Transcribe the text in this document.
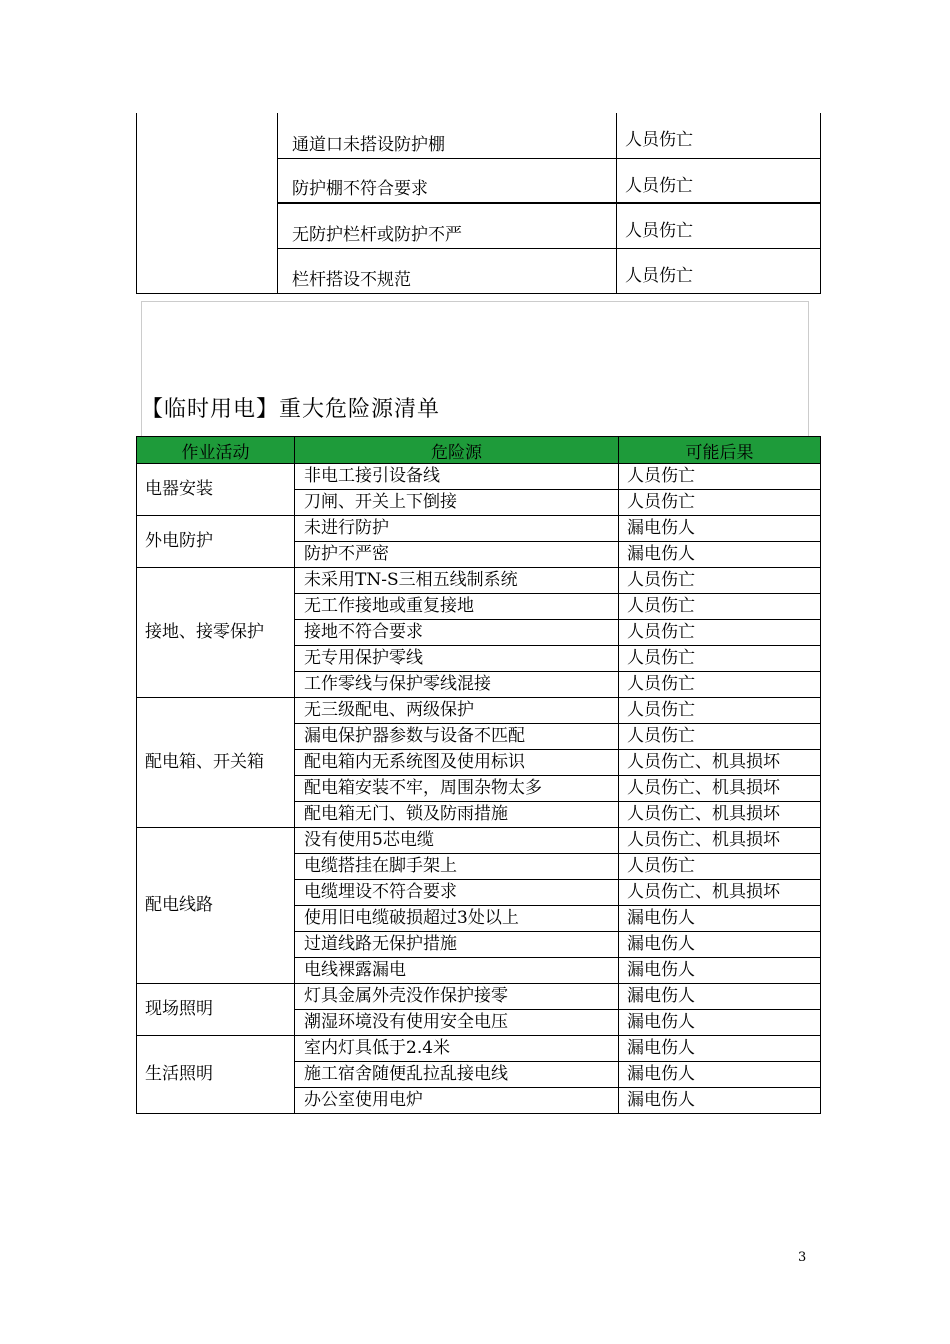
	通道口未搭设防护棚	人员伤亡
	防护棚不符合要求	人员伤亡
	无防护栏杆或防护不严	人员伤亡
	栏杆搭设不规范	人员伤亡
【临时用电】重大危险源清单
作业活动	危险源	可能后果
电器安装	非电工接引设备线	人员伤亡
	刀闸、开关上下倒接	人员伤亡
外电防护	未进行防护	漏电伤人
	防护不严密	漏电伤人
接地、接零保护	未采用TN-S三相五线制系统	人员伤亡
	无工作接地或重复接地	人员伤亡
	接地不符合要求	人员伤亡
	无专用保护零线	人员伤亡
	工作零线与保护零线混接	人员伤亡
配电箱、开关箱	无三级配电、两级保护	人员伤亡
	漏电保护器参数与设备不匹配	人员伤亡
	配电箱内无系统图及使用标识	人员伤亡、机具损坏
	配电箱安装不牢，周围杂物太多	人员伤亡、机具损坏
	配电箱无门、锁及防雨措施	人员伤亡、机具损坏
配电线路	没有使用5芯电缆	人员伤亡、机具损坏
	电缆搭挂在脚手架上	人员伤亡
	电缆埋设不符合要求	人员伤亡、机具损坏
	使用旧电缆破损超过3处以上	漏电伤人
	过道线路无保护措施	漏电伤人
	电线裸露漏电	漏电伤人
现场照明	灯具金属外壳没作保护接零	漏电伤人
	潮湿环境没有使用安全电压	漏电伤人
生活照明	室内灯具低于2.4米	漏电伤人
	施工宿舍随便乱拉乱接电线	漏电伤人
	办公室使用电炉	漏电伤人
3
